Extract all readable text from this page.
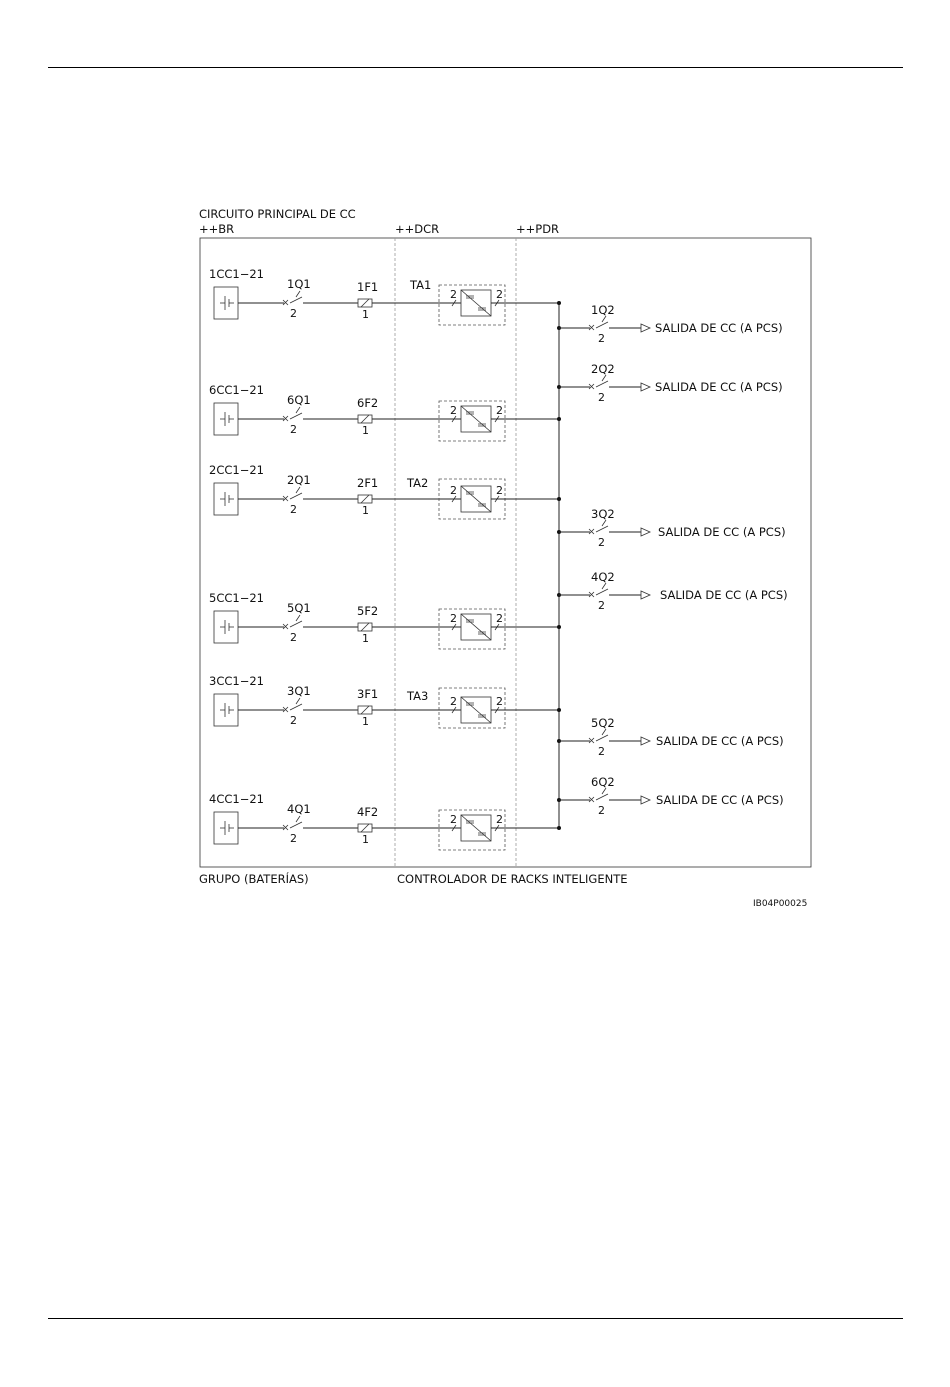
CIRCUITO PRINCIPAL DE CC
++BR	++DCR	++PDR
1CC1−21
1Q1
2
1F1
1
2	2
6CC1−21
6Q1
2
6F2
1
2	2
2CC1−21
2Q1
2
2F1
1
2	2
5CC1−21
5Q1
2
5F2
1
2	2
3CC1−21
3Q1
2
3F1
1
2	2
4CC1−21
4Q1
2
4F2
1
2	2
TA1
TA2
TA3
1Q2
2
SALIDA DE CC (A PCS)
2Q2
2
SALIDA DE CC (A PCS)
3Q2
2
SALIDA DE CC (A PCS)
4Q2
2
SALIDA DE CC (A PCS)
5Q2
2
SALIDA DE CC (A PCS)
6Q2
2
SALIDA DE CC (A PCS)
GRUPO (BATERÍAS)	CONTROLADOR DE RACKS INTELIGENTE
IB04P00025
